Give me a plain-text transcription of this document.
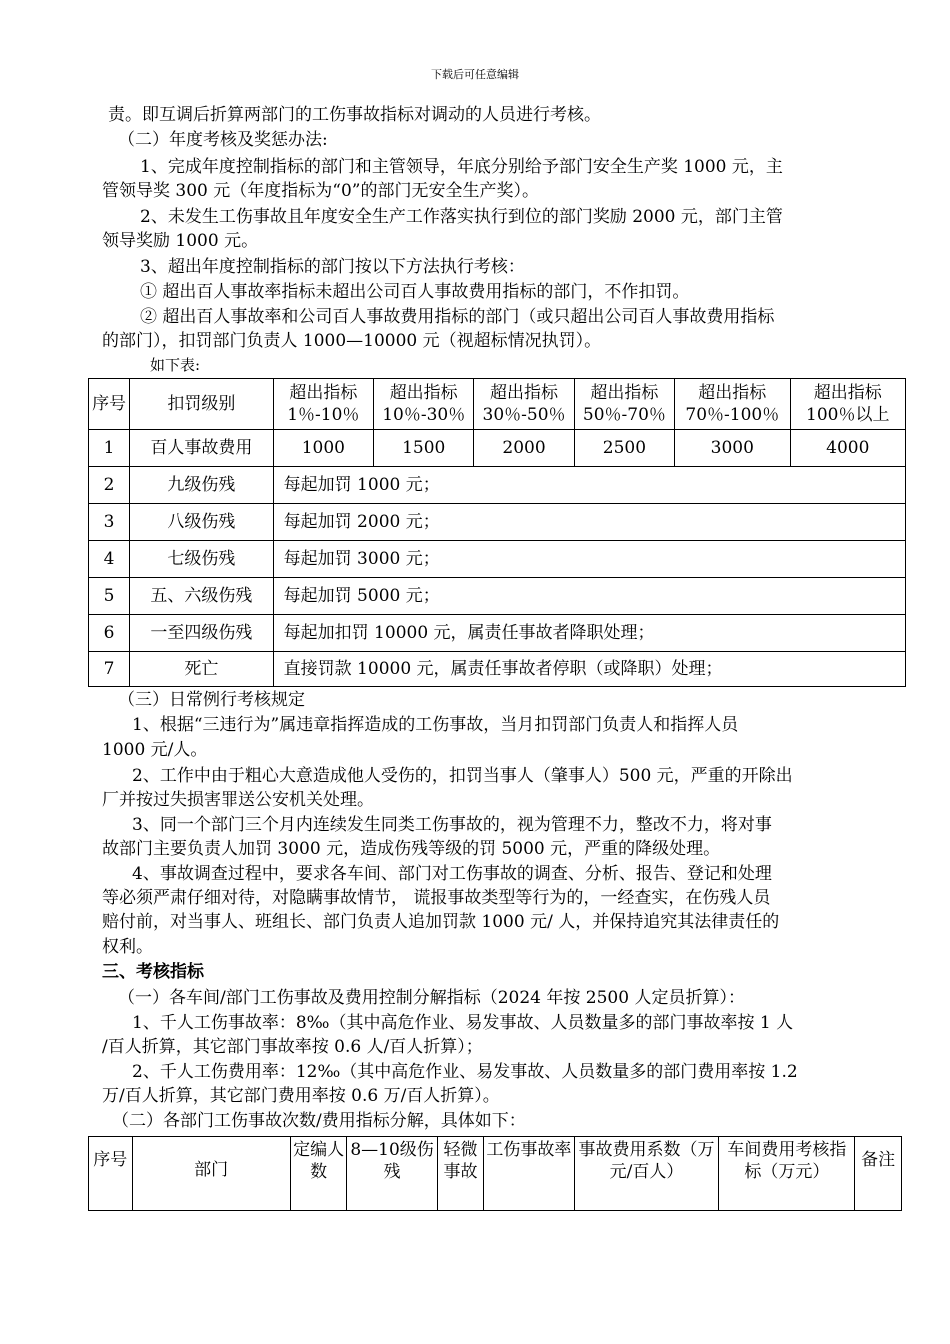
下载后可任意编辑
责。即互调后折算两部门的工伤事故指标对调动的人员进行考核。
（二）年度考核及奖惩办法:
1、完成年度控制指标的部门和主管领导，年底分别给予部门安全生产奖 1000 元，主
管领导奖 300 元（年度指标为“0”的部门无安全生产奖）。
2、未发生工伤事故且年度安全生产工作落实执行到位的部门奖励 2000 元，部门主管
领导奖励 1000 元。
3、超出年度控制指标的部门按以下方法执行考核：
① 超出百人事故率指标未超出公司百人事故费用指标的部门，不作扣罚。
② 超出百人事故率和公司百人事故费用指标的部门（或只超出公司百人事故费用指标
的部门），扣罚部门负责人 1000—10000 元（视超标情况执罚）。
如下表:
序号	扣罚级别	超出指标 1％-10％	超出指标 10％-30％	超出指标 30％-50％	超出指标 50％-70％	超出指标 70％-100％	超出指标 100％以上
1	百人事故费用	1000	1500	2000	2500	3000	4000
2	九级伤残	每起加罚 1000 元；					
3	八级伤残	每起加罚 2000 元；					
4	七级伤残	每起加罚 3000 元；					
5	五、六级伤残	每起加罚 5000 元；					
6	一至四级伤残	每起加扣罚 10000 元，属责任事故者降职处理；					
7	死亡	直接罚款 10000 元，属责任事故者停职（或降职）处理；					
（三）日常例行考核规定
1、根据“三违行为”属违章指挥造成的工伤事故，当月扣罚部门负责人和指挥人员
1000 元/人。
2、工作中由于粗心大意造成他人受伤的，扣罚当事人（肇事人）500 元，严重的开除出
厂并按过失损害罪送公安机关处理。
3、同一个部门三个月内连续发生同类工伤事故的，视为管理不力，整改不力，将对事
故部门主要负责人加罚 3000 元，造成伤残等级的罚 5000 元，严重的降级处理。
4、事故调查过程中，要求各车间、部门对工伤事故的调查、分析、报告、登记和处理
等必须严肃仔细对待，对隐瞒事故情节， 谎报事故类型等行为的，一经查实，在伤残人员
赔付前，对当事人、班组长、部门负责人追加罚款 1000 元/ 人，并保持追究其法律责任的
权利。
三、考核指标
（一）各车间/部门工伤事故及费用控制分解指标（2024 年按 2500 人定员折算）：
1、千人工伤事故率：8‰（其中高危作业、易发事故、人员数量多的部门事故率按 1 人
/百人折算，其它部门事故率按 0.6 人/百人折算）；
2、千人工伤费用率：12‰（其中高危作业、易发事故、人员数量多的部门费用率按 1.2
万/百人折算，其它部门费用率按 0.6 万/百人折算）。
（二）各部门工伤事故次数/费用指标分解，具体如下：
序号	部门	定编人数	8—10级伤残	轻微事故	工伤事故率	事故费用系数（万元/百人）	车间费用考核指标（万元）	备注
